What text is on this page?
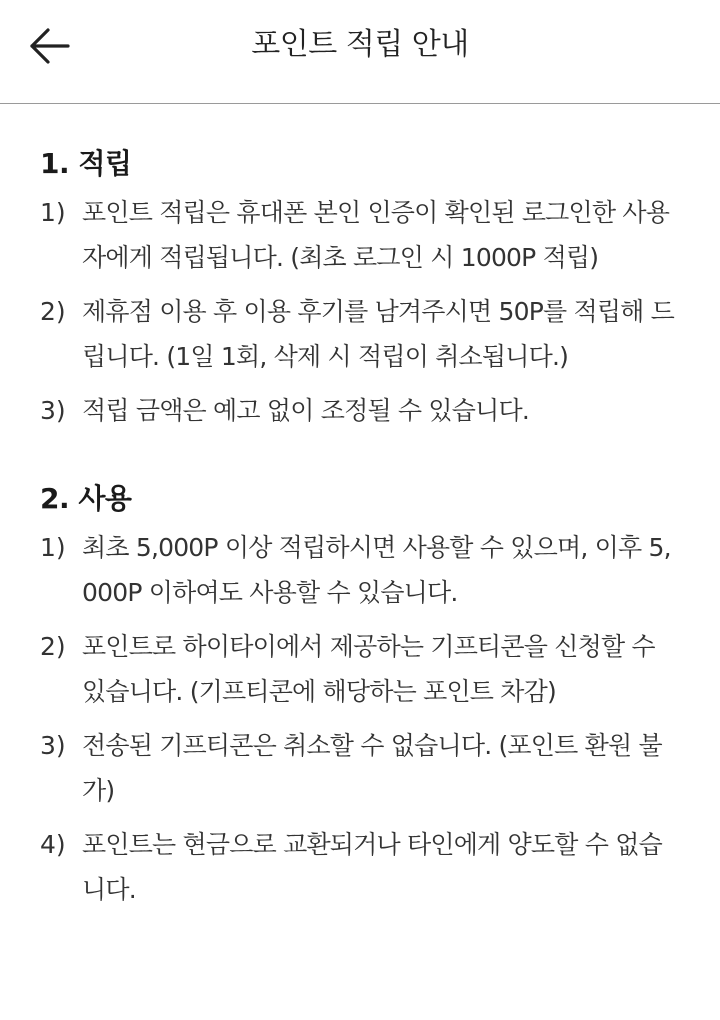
포인트 적립 안내
1. 적립
1) 포인트 적립은 휴대폰 본인 인증이 확인된 로그인한 사용자에게 적립됩니다. (최초 로그인 시 1000P 적립)
2) 제휴점 이용 후 이용 후기를 남겨주시면 50P를 적립해 드립니다. (1일 1회, 삭제 시 적립이 취소됩니다.)
3) 적립 금액은 예고 없이 조정될 수 있습니다.
2. 사용
1) 최초 5,000P 이상 적립하시면 사용할 수 있으며, 이후 5,000P 이하여도 사용할 수 있습니다.
2) 포인트로 하이타이에서 제공하는 기프티콘을 신청할 수 있습니다. (기프티콘에 해당하는 포인트 차감)
3) 전송된 기프티콘은 취소할 수 없습니다. (포인트 환원 불가)
4) 포인트는 현금으로 교환되거나 타인에게 양도할 수 없습니다.
